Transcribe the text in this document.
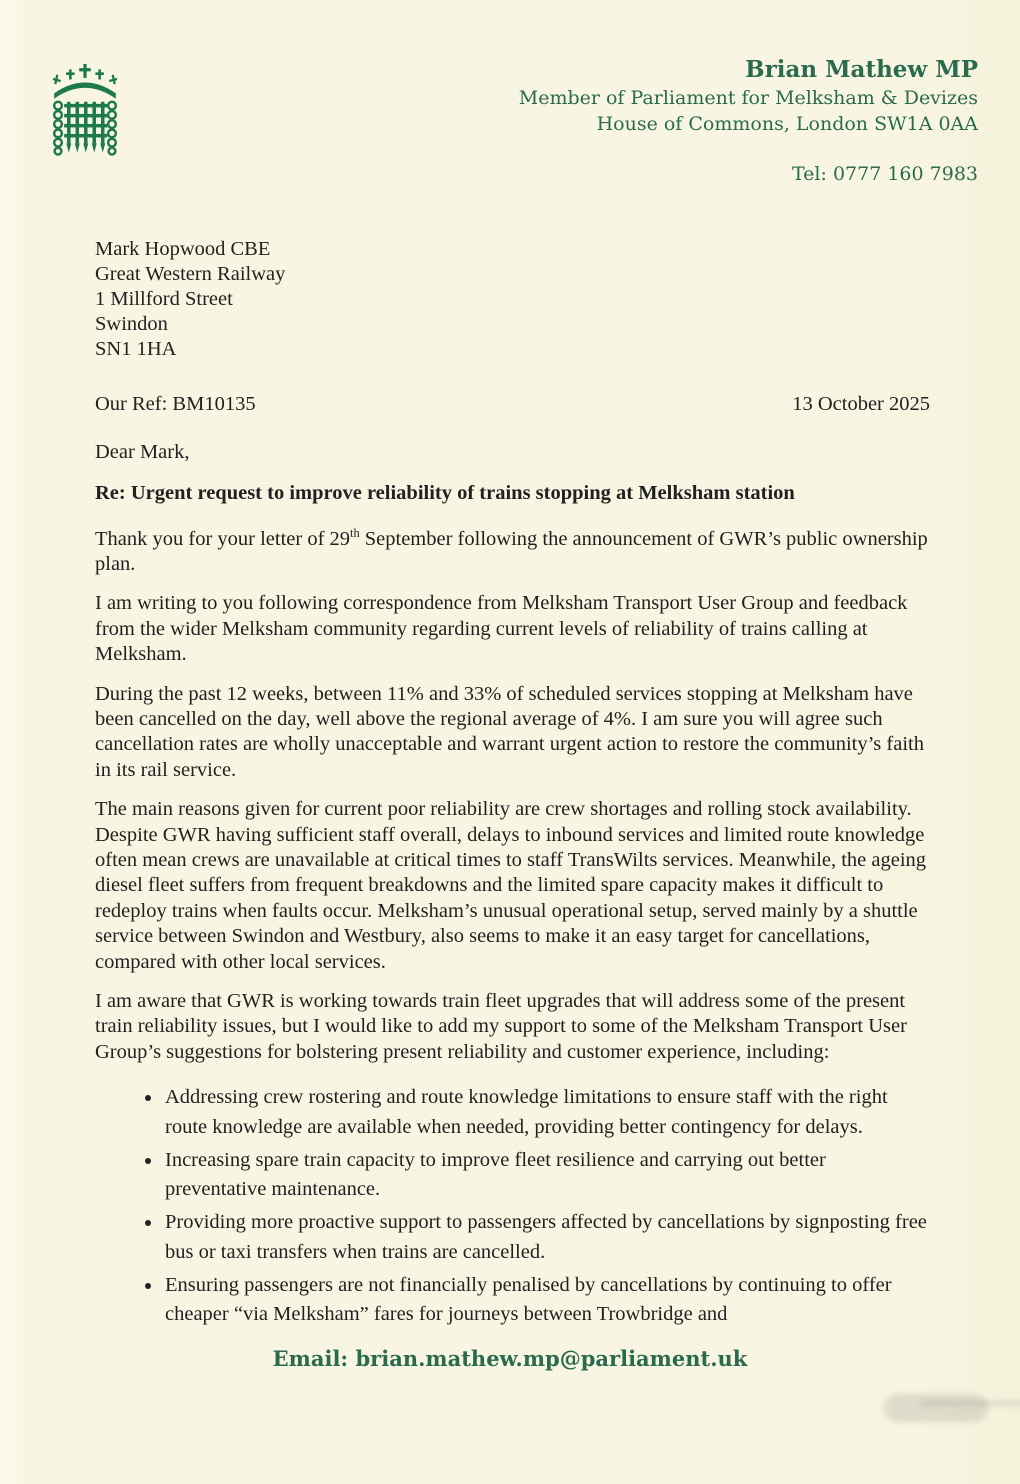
Brian Mathew MP
Member of Parliament for Melksham & Devizes
House of Commons, London SW1A 0AA
Tel: 0777 160 7983
Mark Hopwood CBE
Great Western Railway
1 Millford Street
Swindon
SN1 1HA
Our Ref: BM10135	13 October 2025

Dear Mark,

Re: Urgent request to improve reliability of trains stopping at Melksham station

Thank you for your letter of 29th September following the announcement of GWR’s public ownership plan.

I am writing to you following correspondence from Melksham Transport User Group and feedback from the wider Melksham community regarding current levels of reliability of trains calling at Melksham.

During the past 12 weeks, between 11% and 33% of scheduled services stopping at Melksham have been cancelled on the day, well above the regional average of 4%. I am sure you will agree such cancellation rates are wholly unacceptable and warrant urgent action to restore the community’s faith in its rail service.

The main reasons given for current poor reliability are crew shortages and rolling stock availability. Despite GWR having sufficient staff overall, delays to inbound services and limited route knowledge often mean crews are unavailable at critical times to staff TransWilts services. Meanwhile, the ageing diesel fleet suffers from frequent breakdowns and the limited spare capacity makes it difficult to redeploy trains when faults occur. Melksham’s unusual operational setup, served mainly by a shuttle service between Swindon and Westbury, also seems to make it an easy target for cancellations, compared with other local services.

I am aware that GWR is working towards train fleet upgrades that will address some of the present train reliability issues, but I would like to add my support to some of the Melksham Transport User Group’s suggestions for bolstering present reliability and customer experience, including:

• Addressing crew rostering and route knowledge limitations to ensure staff with the right route knowledge are available when needed, providing better contingency for delays.
• Increasing spare train capacity to improve fleet resilience and carrying out better preventative maintenance.
• Providing more proactive support to passengers affected by cancellations by signposting free bus or taxi transfers when trains are cancelled.
• Ensuring passengers are not financially penalised by cancellations by continuing to offer cheaper “via Melksham” fares for journeys between Trowbridge and
Email: brian.mathew.mp@parliament.uk
